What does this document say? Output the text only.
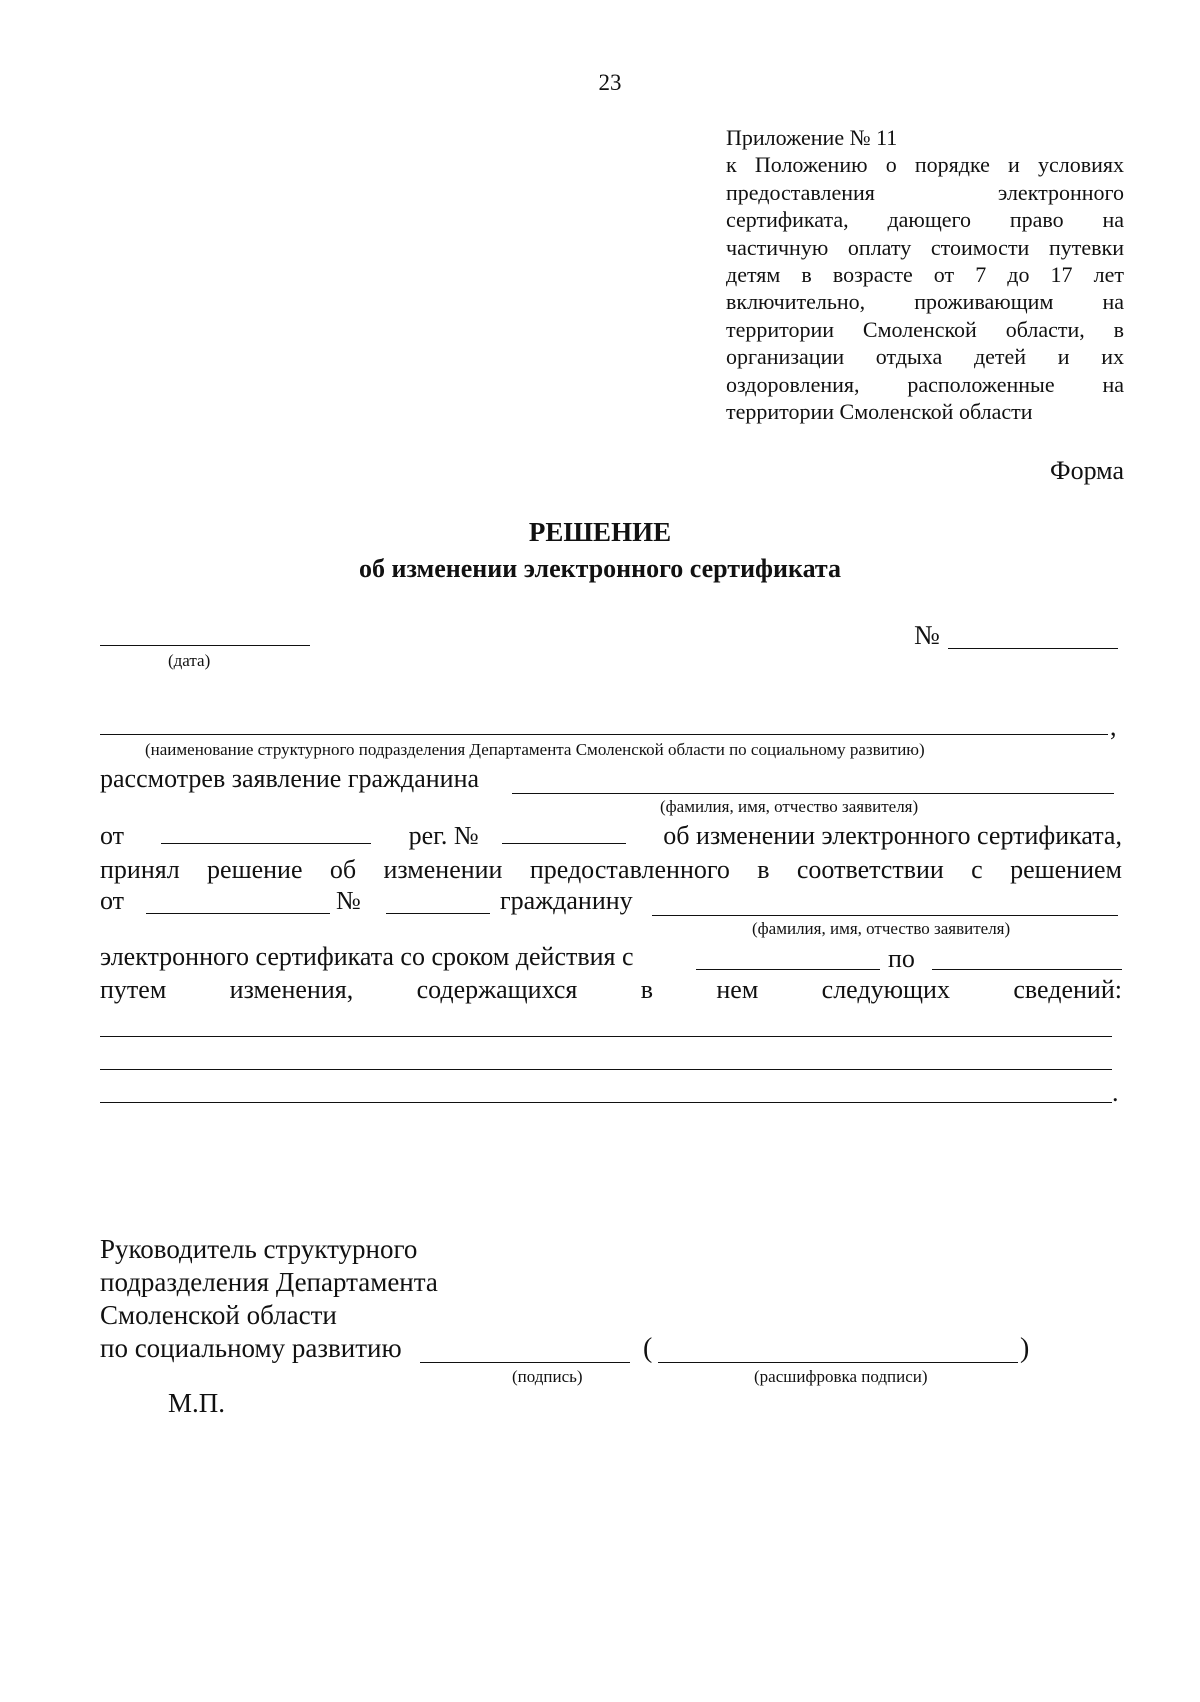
23
Приложение № 11
к Положению о порядке и условиях предоставления электронного сертификата, дающего право на частичную оплату стоимости путевки детям в возрасте от 7 до 17 лет включительно, проживающим на территории Смоленской области, в организации отдыха детей и их оздоровления, расположенные на территории Смоленской области
Форма
РЕШЕНИЕ
об изменении электронного сертификата
(дата)
№
,
(наименование структурного подразделения Департамента Смоленской области по социальному развитию)
рассмотрев заявление гражданина
(фамилия, имя, отчество заявителя)
от	рег. №	об изменении электронного сертификата,
принял решение об изменении предоставленного в соответствии с решением
от	№	гражданину
(фамилия, имя, отчество заявителя)
электронного сертификата со сроком действия с	по
путем изменения, содержащихся в нем следующих сведений:
.
Руководитель структурного
подразделения Департамента
Смоленской области
по социальному развитию	(	)
(подпись)	(расшифровка подписи)
М.П.
